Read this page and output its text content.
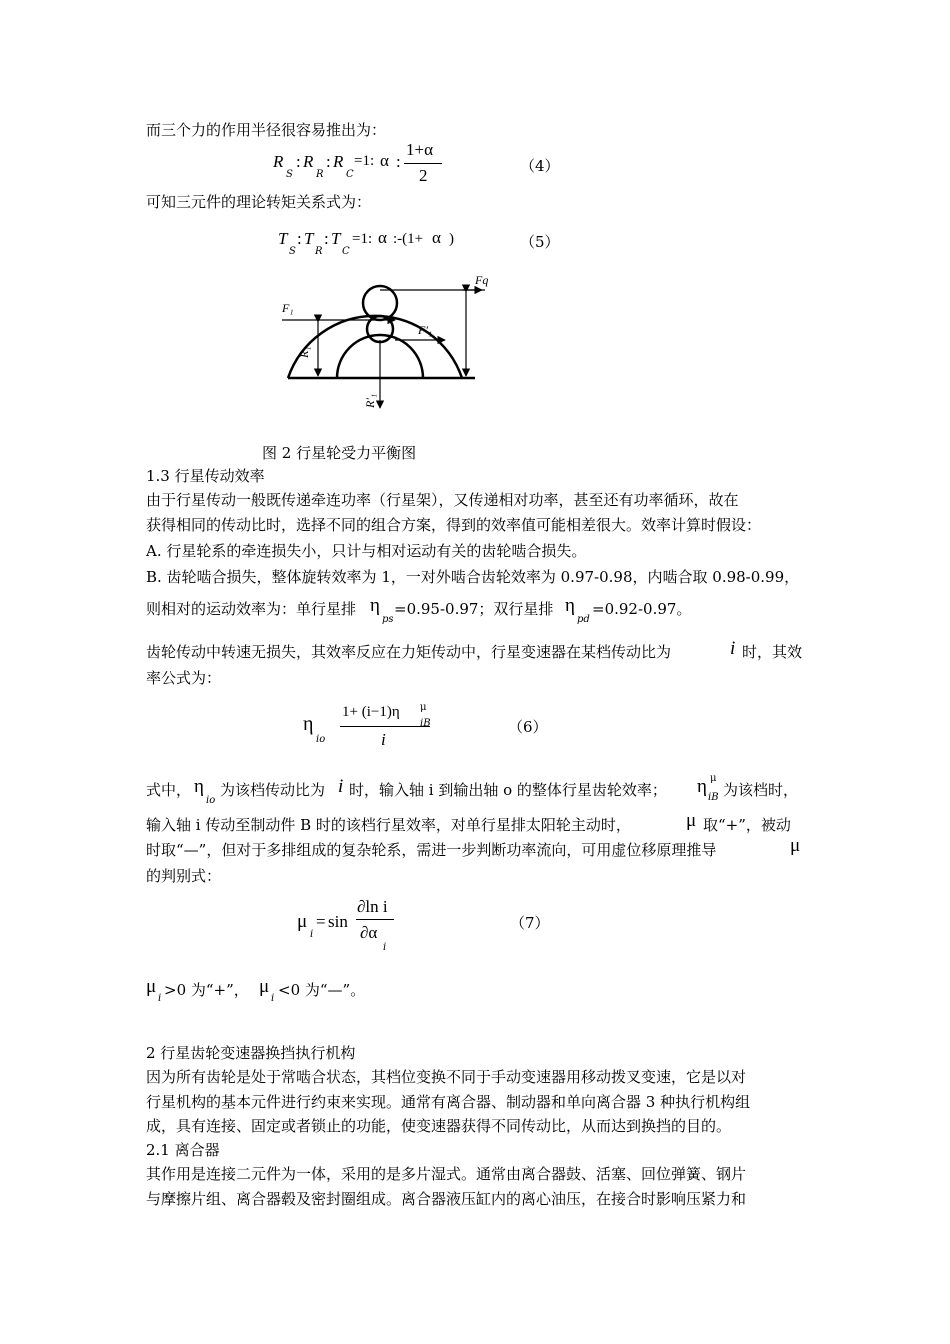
而三个力的作用半径很容易推出为：
R
S
: R
R
: R
C
=1: α :
1+α
2	（4）
可知三元件的理论转矩关系式为：
T
S
: T
R
: T
C
=1: α :-(1+ α )	（5）
F₁
Fq
F′₁
R₁
R′₁
图 2 行星轮受力平衡图
1.3 行星传动效率
由于行星传动一般既传递牵连功率（行星架），又传递相对功率，甚至还有功率循环，故在
获得相同的传动比时，选择不同的组合方案，得到的效率值可能相差很大。效率计算时假设：
A. 行星轮系的牵连损失小，只计与相对运动有关的齿轮啮合损失。
B. 齿轮啮合损失，整体旋转效率为 1，一对外啮合齿轮效率为 0.97-0.98，内啮合取 0.98-0.99，
则相对的运动效率为：单行星排 η
ps
=0.95-0.97；双行星排 η
pd
=0.92-0.97。
齿轮传动中转速无损失，其效率反应在力矩传动中，行星变速器在某档传动比为	i 时，其效
率公式为：
η
io
1+ (i−1)η μ
iB
i
（6）
式中， η
io
为该档传动比为 i 时，输入轴 i 到输出轴 o 的整体行星齿轮效率； η μ
iB 为该档时，
输入轴 i 传动至制动件 B 时的该档行星效率，对单行星排太阳轮主动时，	μ 取“+”，被动
时取“—”，但对于多排组成的复杂轮系，需进一步判断功率流向，可用虚位移原理推导	μ
的判别式：
μ
i
= sin
∂ln i
∂α
i
（7）
μ
i >0 为“+”， μ
i <0 为“—”。
2 行星齿轮变速器换挡执行机构
因为所有齿轮是处于常啮合状态，其档位变换不同于手动变速器用移动拨叉变速，它是以对
行星机构的基本元件进行约束来实现。通常有离合器、制动器和单向离合器 3 种执行机构组
成，具有连接、固定或者锁止的功能，使变速器获得不同传动比，从而达到换挡的目的。
2.1 离合器
其作用是连接二元件为一体，采用的是多片湿式。通常由离合器鼓、活塞、回位弹簧、钢片
与摩擦片组、离合器毂及密封圈组成。离合器液压缸内的离心油压，在接合时影响压紧力和
